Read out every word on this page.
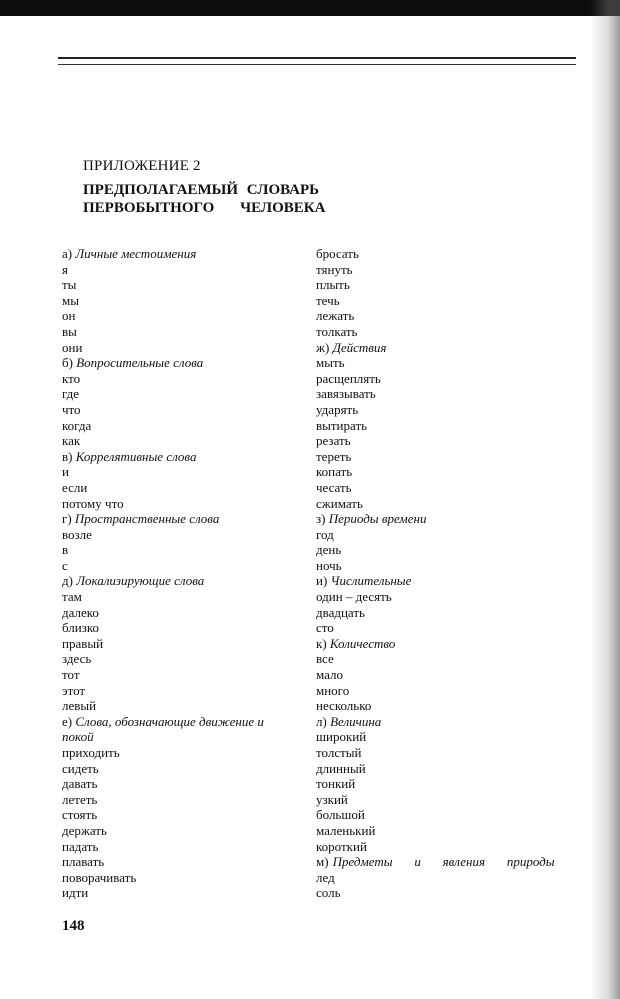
ПРИЛОЖЕНИЕ 2
ПРЕДПОЛАГАЕМЫЙ СЛОВАРЬ
ПЕРВОБЫТНОГО ЧЕЛОВЕКА
а) Личные местоимения
я
ты
мы
он
вы
они
б) Вопросительные слова
кто
где
что
когда
как
в) Коррелятивные слова
и
если
потому что
г) Пространственные слова
возле
в
с
д) Локализирующие слова
там
далеко
близко
правый
здесь
тот
этот
левый
е) Слова, обозначающие движение и
покой
приходить
сидеть
давать
лететь
стоять
держать
падать
плавать
поворачивать
идти
бросать
тянуть
плыть
течь
лежать
толкать
ж) Действия
мыть
расщеплять
завязывать
ударять
вытирать
резать
тереть
копать
чесать
сжимать
з) Периоды времени
год
день
ночь
и) Числительные
один – десять
двадцать
сто
к) Количество
все
мало
много
несколько
л) Величина
широкий
толстый
длинный
тонкий
узкий
большой
маленький
короткий
м) Предметы и явления природы
лед
соль
148
